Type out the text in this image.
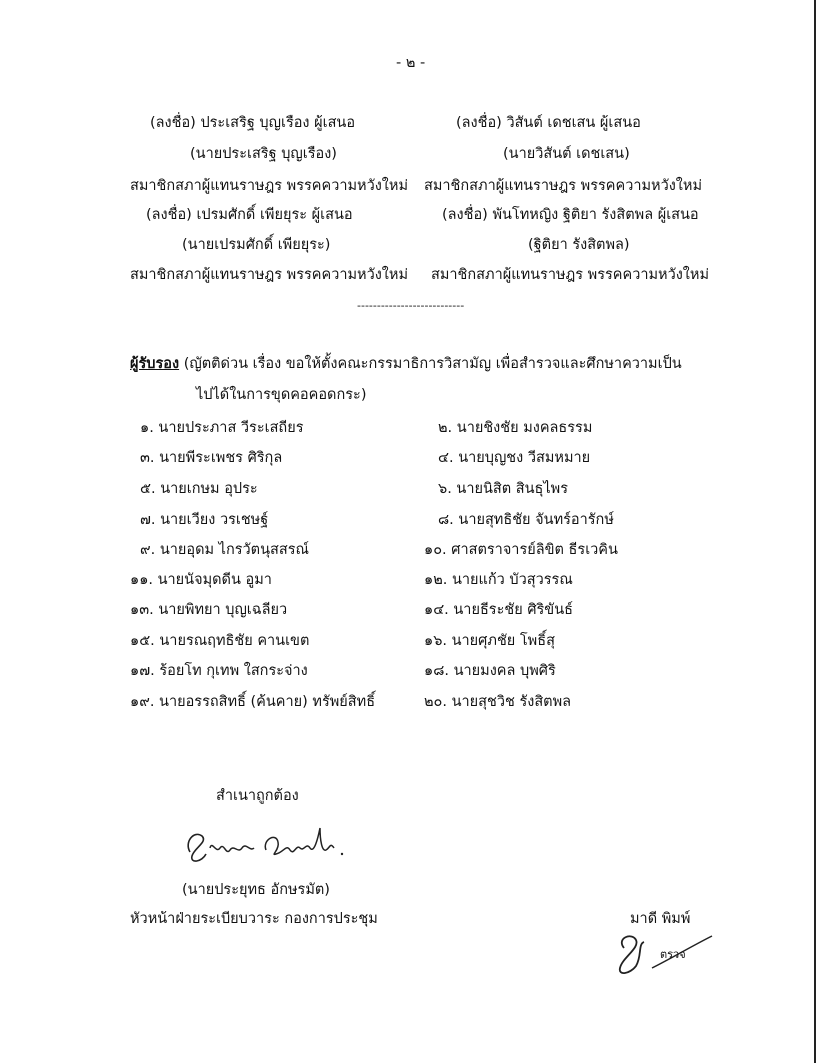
- ๒ -
(ลงชื่อ) ประเสริฐ บุญเรือง ผู้เสนอ
(นายประเสริฐ บุญเรือง)
สมาชิกสภาผู้แทนราษฎร พรรคความหวังใหม่
(ลงชื่อ) วิสันต์ เดชเสน ผู้เสนอ
(นายวิสันต์ เดชเสน)
สมาชิกสภาผู้แทนราษฎร พรรคความหวังใหม่
(ลงชื่อ) เปรมศักดิ์ เพียยุระ ผู้เสนอ
(นายเปรมศักดิ์ เพียยุระ)
สมาชิกสภาผู้แทนราษฎร พรรคความหวังใหม่
(ลงชื่อ) พันโทหญิง ฐิติยา รังสิตพล ผู้เสนอ
(ฐิติยา รังสิตพล)
สมาชิกสภาผู้แทนราษฎร พรรคความหวังใหม่
---------------------------
ผู้รับรอง (ญัตติด่วน เรื่อง ขอให้ตั้งคณะกรรมาธิการวิสามัญ เพื่อสำรวจและศึกษาความเป็น
ไปได้ในการขุดคอคอดกระ)
๑. นายประภาส วีระเสถียร
๓. นายพีระเพชร ศิริกุล
๕. นายเกษม อุประ
๗. นายเวียง วรเชษฐ์
๙. นายอุดม ไกรวัตนุสสรณ์
๑๑. นายนัจมุดดีน อูมา
๑๓. นายพิทยา บุญเฉลียว
๑๕. นายรณฤทธิชัย คานเขต
๑๗. ร้อยโท กุเทพ ใสกระจ่าง
๑๙. นายอรรถสิทธิ์ (ค้นคาย) ทรัพย์สิทธิ์
๒. นายชิงชัย มงคลธรรม
๔. นายบุญชง วีสมหมาย
๖. นายนิสิต สินธุไพร
๘. นายสุทธิชัย จันทร์อารักษ์
๑๐. ศาสตราจารย์ลิขิต ธีรเวคิน
๑๒. นายแก้ว บัวสุวรรณ
๑๔. นายธีระชัย ศิริขันธ์
๑๖. นายศุภชัย โพธิ์สุ
๑๘. นายมงคล บุพศิริ
๒๐. นายสุชวิช รังสิตพล
สำเนาถูกต้อง
(นายประยุทธ อักษรมัต)
หัวหน้าฝ่ายระเบียบวาระ กองการประชุม	มาดี พิมพ์
ตรวจ
